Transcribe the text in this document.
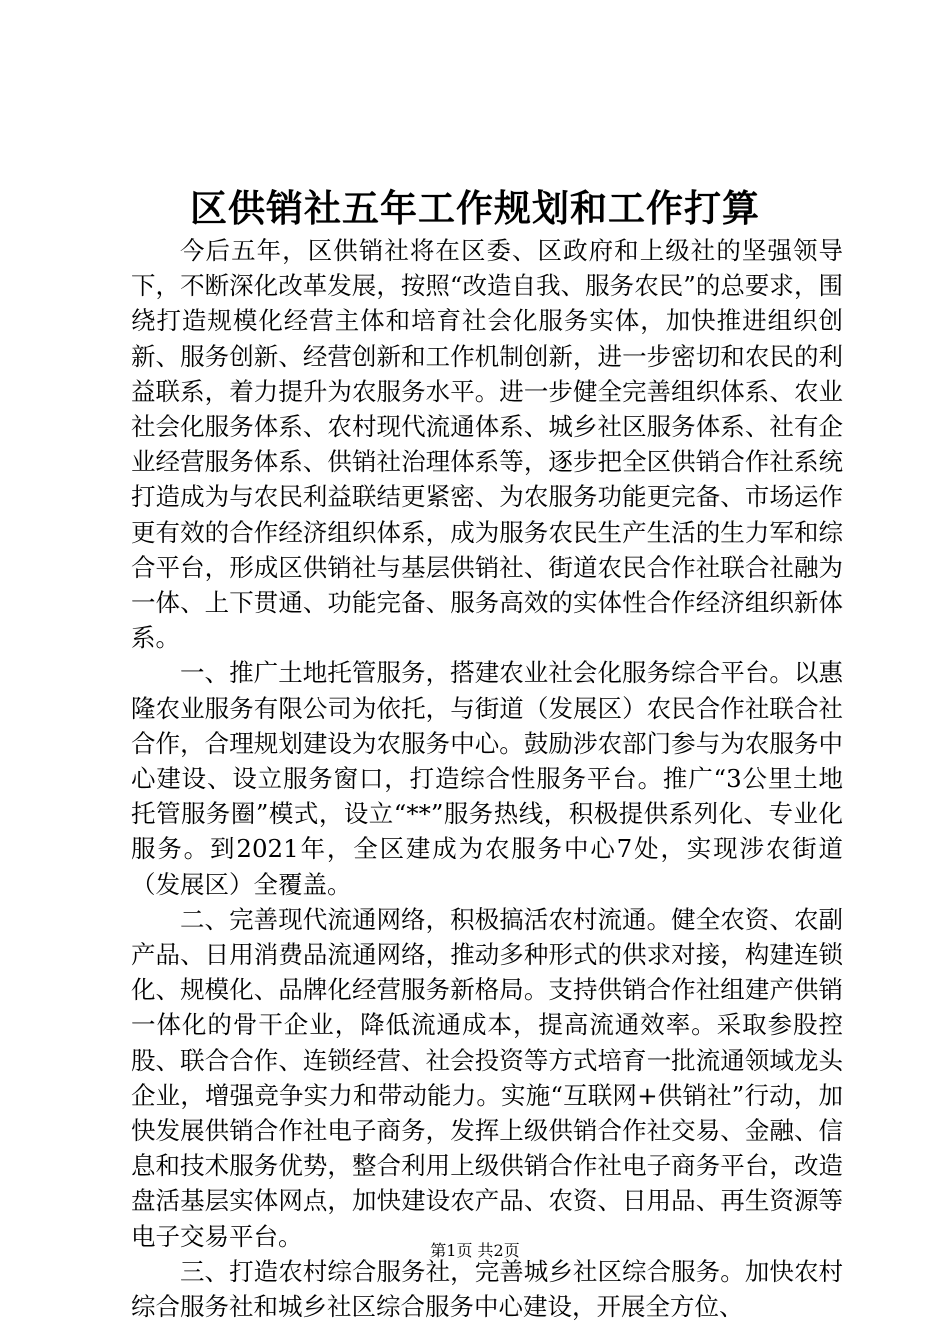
区供销社五年工作规划和工作打算

今后五年，区供销社将在区委、区政府和上级社的坚强领导下，不断深化改革发展，按照“改造自我、服务农民”的总要求，围绕打造规模化经营主体和培育社会化服务实体，加快推进组织创新、服务创新、经营创新和工作机制创新，进一步密切和农民的利益联系，着力提升为农服务水平。进一步健全完善组织体系、农业社会化服务体系、农村现代流通体系、城乡社区服务体系、社有企业经营服务体系、供销社治理体系等，逐步把全区供销合作社系统打造成为与农民利益联结更紧密、为农服务功能更完备、市场运作更有效的合作经济组织体系，成为服务农民生产生活的生力军和综合平台，形成区供销社与基层供销社、街道农民合作社联合社融为一体、上下贯通、功能完备、服务高效的实体性合作经济组织新体系。

一、推广土地托管服务，搭建农业社会化服务综合平台。以惠隆农业服务有限公司为依托，与街道（发展区）农民合作社联合社合作，合理规划建设为农服务中心。鼓励涉农部门参与为农服务中心建设、设立服务窗口，打造综合性服务平台。推广“3公里土地托管服务圈”模式，设立“**”服务热线，积极提供系列化、专业化服务。到2021年，全区建成为农服务中心7处，实现涉农街道（发展区）全覆盖。

二、完善现代流通网络，积极搞活农村流通。健全农资、农副产品、日用消费品流通网络，推动多种形式的供求对接，构建连锁化、规模化、品牌化经营服务新格局。支持供销合作社组建产供销一体化的骨干企业，降低流通成本，提高流通效率。采取参股控股、联合合作、连锁经营、社会投资等方式培育一批流通领域龙头企业，增强竞争实力和带动能力。实施“互联网+供销社”行动，加快发展供销合作社电子商务，发挥上级供销合作社交易、金融、信息和技术服务优势，整合利用上级供销合作社电子商务平台，改造盘活基层实体网点，加快建设农产品、农资、日用品、再生资源等电子交易平台。

三、打造农村综合服务社，完善城乡社区综合服务。加快农村综合服务社和城乡社区综合服务中心建设，开展全方位、

第1页 共2页
